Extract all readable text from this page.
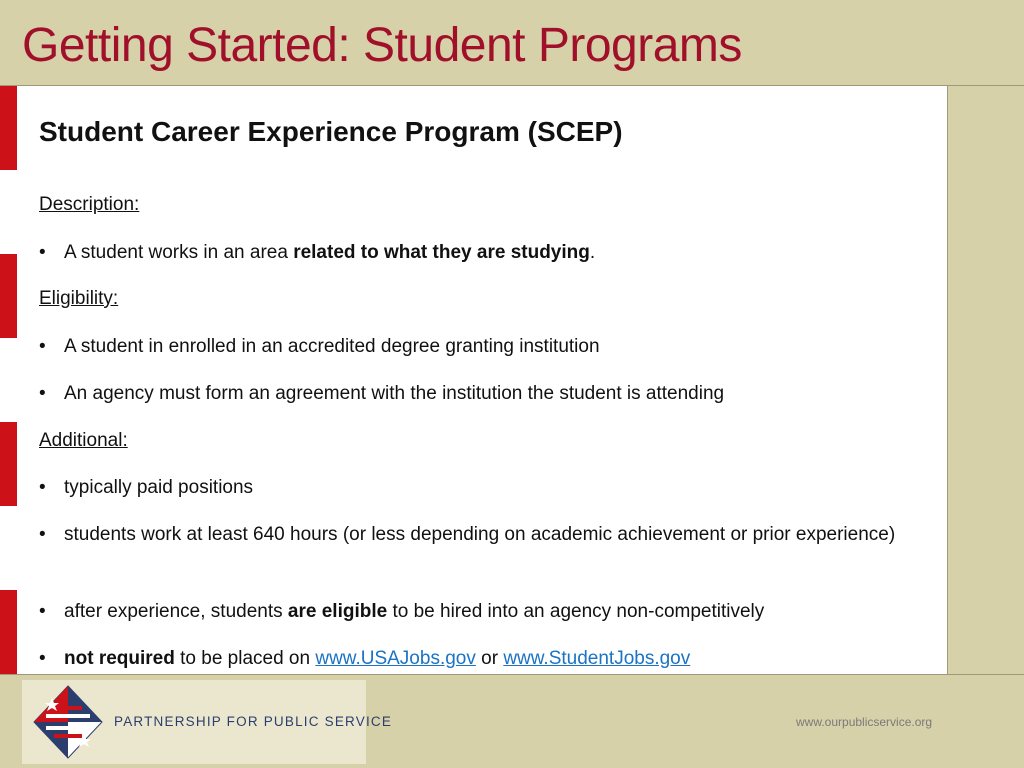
Getting Started: Student Programs
Student Career Experience Program (SCEP)
Description:
• A student works in an area related to what they are studying.
Eligibility:
• A student in enrolled in an accredited degree granting institution
• An agency must form an agreement with the institution the student is attending
Additional:
• typically paid positions
• students work at least 640 hours (or less depending on academic achievement or prior experience)
• after experience, students are eligible to be hired into an agency non-competitively
• not required to be placed on www.USAJobs.gov or www.StudentJobs.gov
PARTNERSHIP FOR PUBLIC SERVICE	www.ourpublicservice.org
